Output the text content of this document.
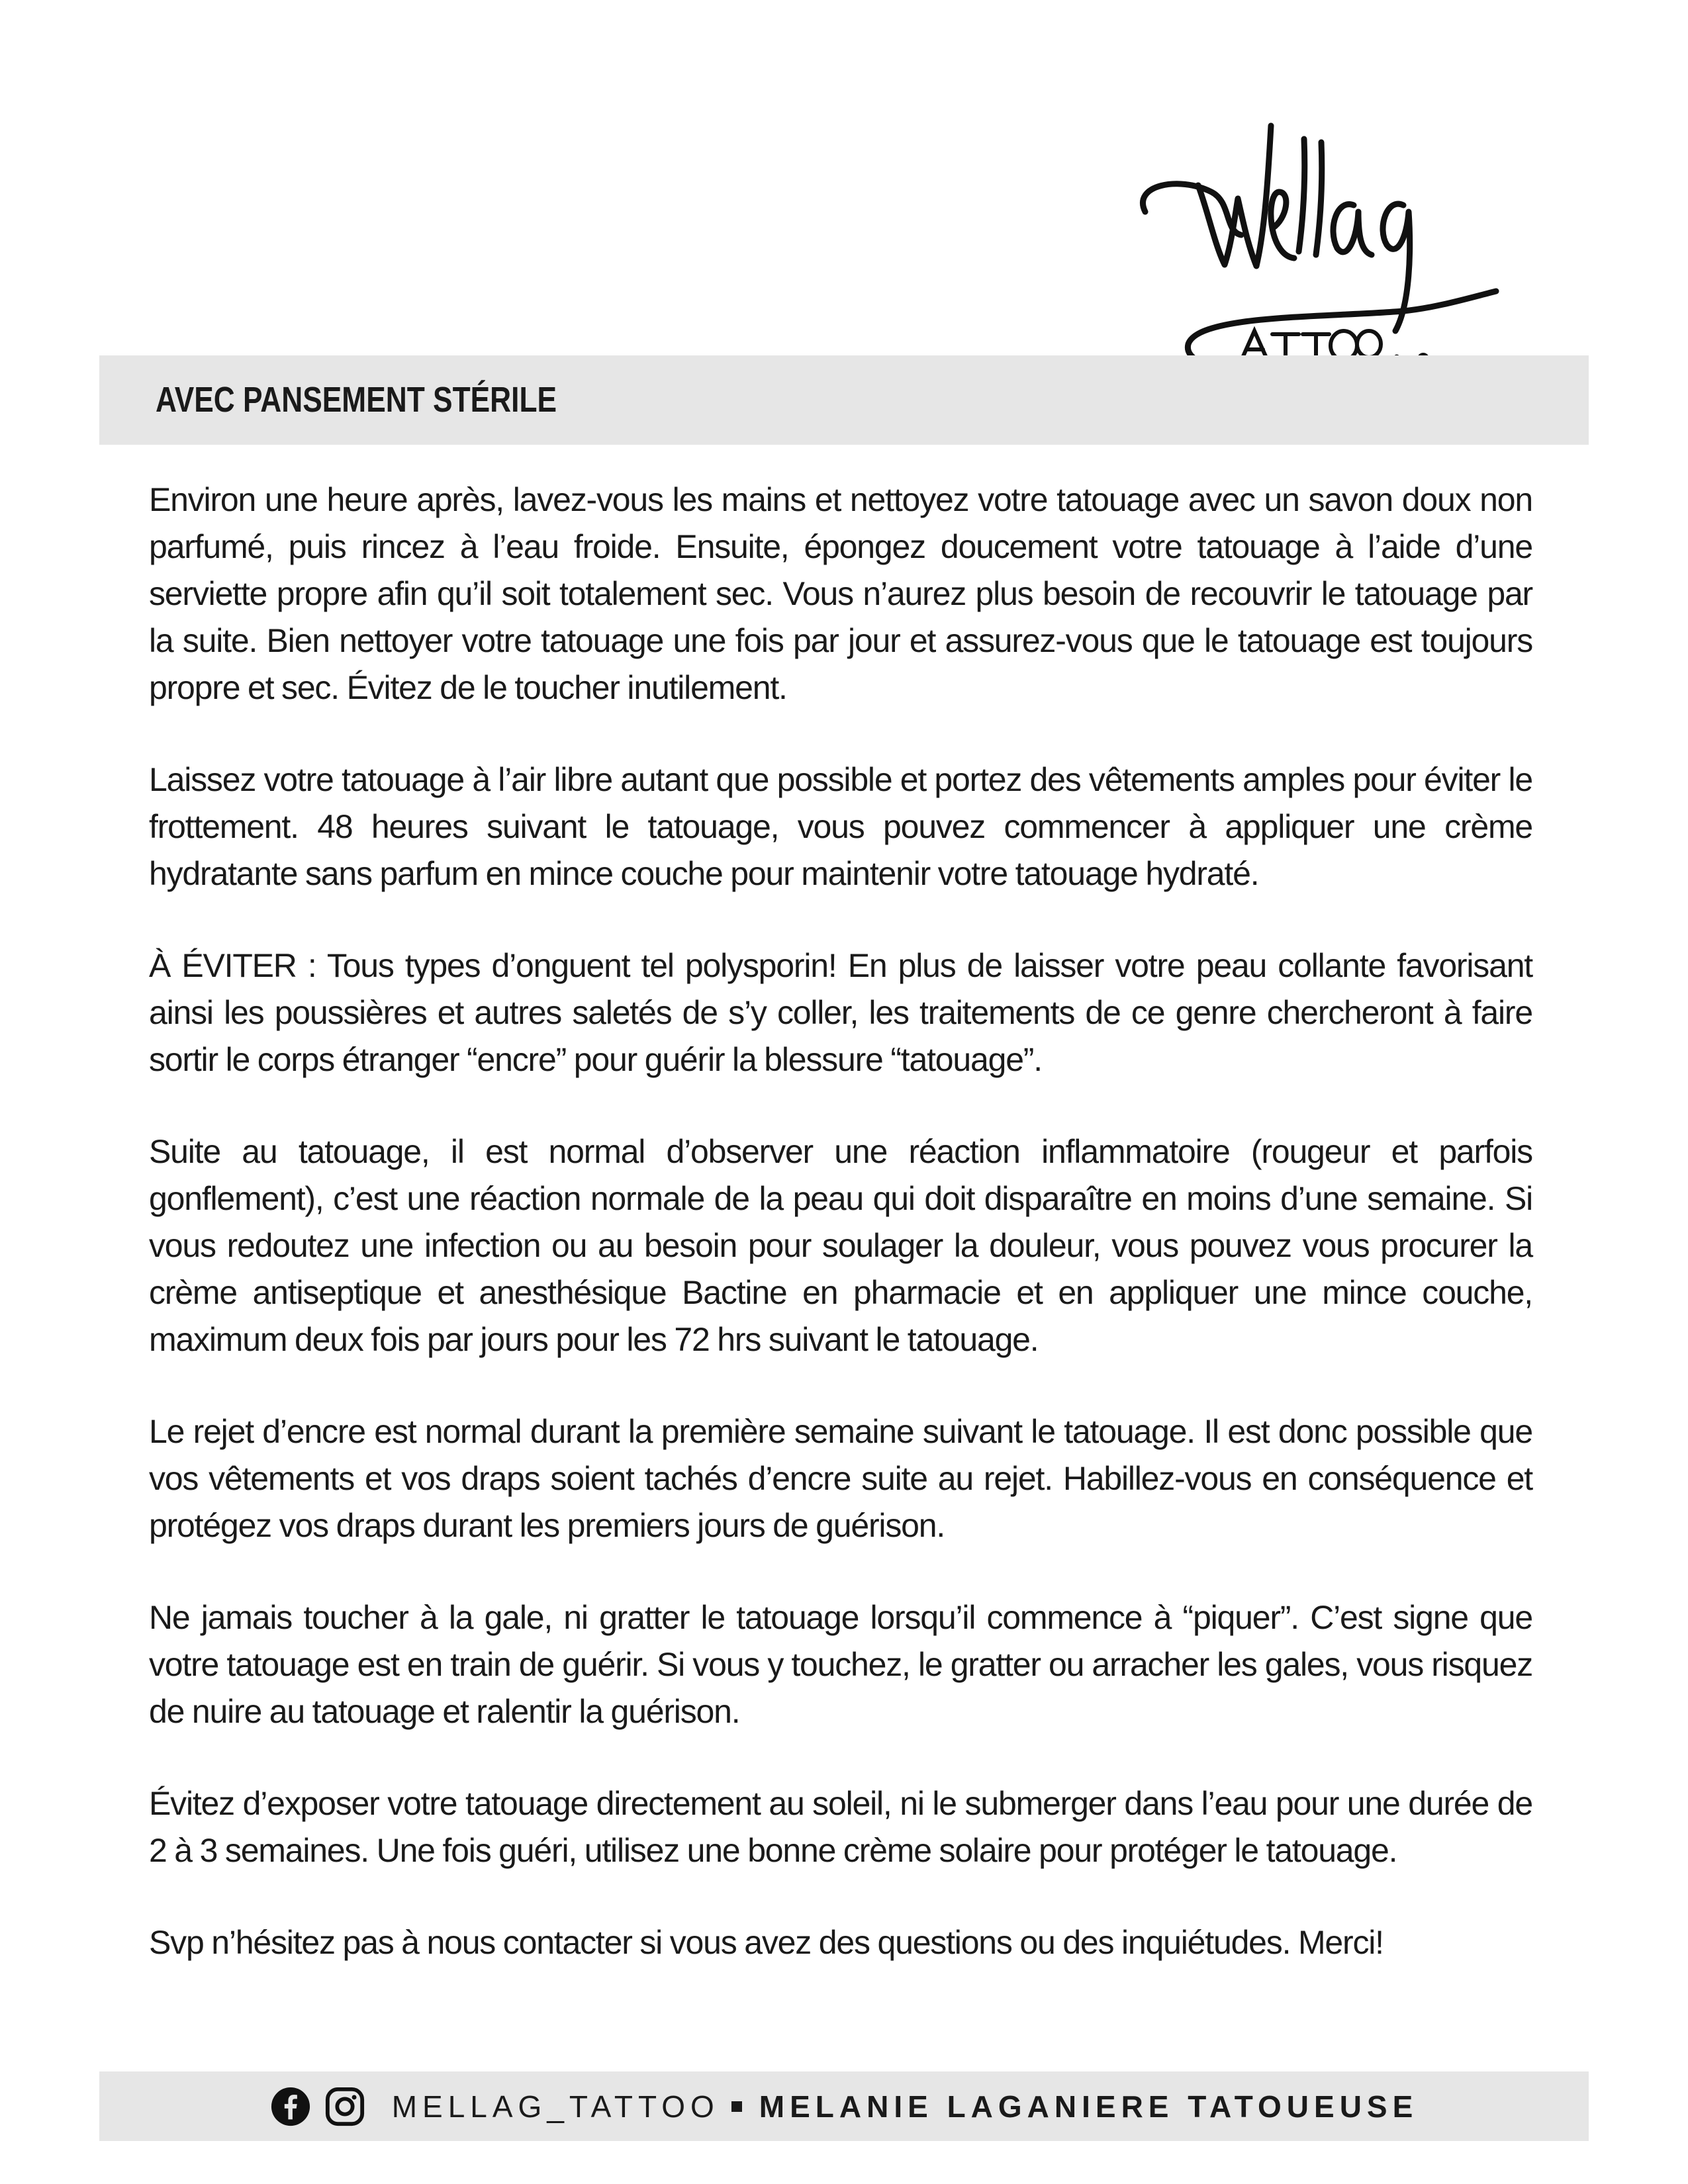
AVEC PANSEMENT STÉRILE

Environ une heure après, lavez-vous les mains et nettoyez votre tatouage avec un savon doux non parfumé, puis rincez à l’eau froide. Ensuite, épongez doucement votre tatouage à l’aide d’une serviette propre afin qu’il soit totalement sec. Vous n’aurez plus besoin de recouvrir le tatouage par la suite. Bien nettoyer votre tatouage une fois par jour et assurez-vous que le tatouage est toujours propre et sec. Évitez de le toucher inutilement.

Laissez votre tatouage à l’air libre autant que possible et portez des vêtements amples pour éviter le frottement. 48 heures suivant le tatouage, vous pouvez commencer à appliquer une crème hydratante sans parfum en mince couche pour maintenir votre tatouage hydraté.

À ÉVITER : Tous types d’onguent tel polysporin! En plus de laisser votre peau collante favorisant ainsi les poussières et autres saletés de s’y coller, les traitements de ce genre chercheront à faire sortir le corps étranger “encre” pour guérir la blessure “tatouage”.

Suite au tatouage, il est normal d’observer une réaction inflammatoire (rougeur et parfois gonflement), c’est une réaction normale de la peau qui doit disparaître en moins d’une semaine. Si vous redoutez une infection ou au besoin pour soulager la douleur, vous pouvez vous procurer la crème antiseptique et anesthésique Bactine en pharmacie et en appliquer une mince couche, maximum deux fois par jours pour les 72 hrs suivant le tatouage.

Le rejet d’encre est normal durant la première semaine suivant le tatouage. Il est donc possible que vos vêtements et vos draps soient tachés d’encre suite au rejet. Habillez-vous en conséquence et protégez vos draps durant les premiers jours de guérison.

Ne jamais toucher à la gale, ni gratter le tatouage lorsqu’il commence à “piquer”. C’est signe que votre tatouage est en train de guérir. Si vous y touchez, le gratter ou arracher les gales, vous risquez de nuire au tatouage et ralentir la guérison.

Évitez d’exposer votre tatouage directement au soleil, ni le submerger dans l’eau pour une durée de 2 à 3 semaines. Une fois guéri, utilisez une bonne crème solaire pour protéger le tatouage.

Svp n’hésitez pas à nous contacter si vous avez des questions ou des inquiétudes. Merci!

MELLAG_TATTOO MELANIE LAGANIERE TATOUEUSE
